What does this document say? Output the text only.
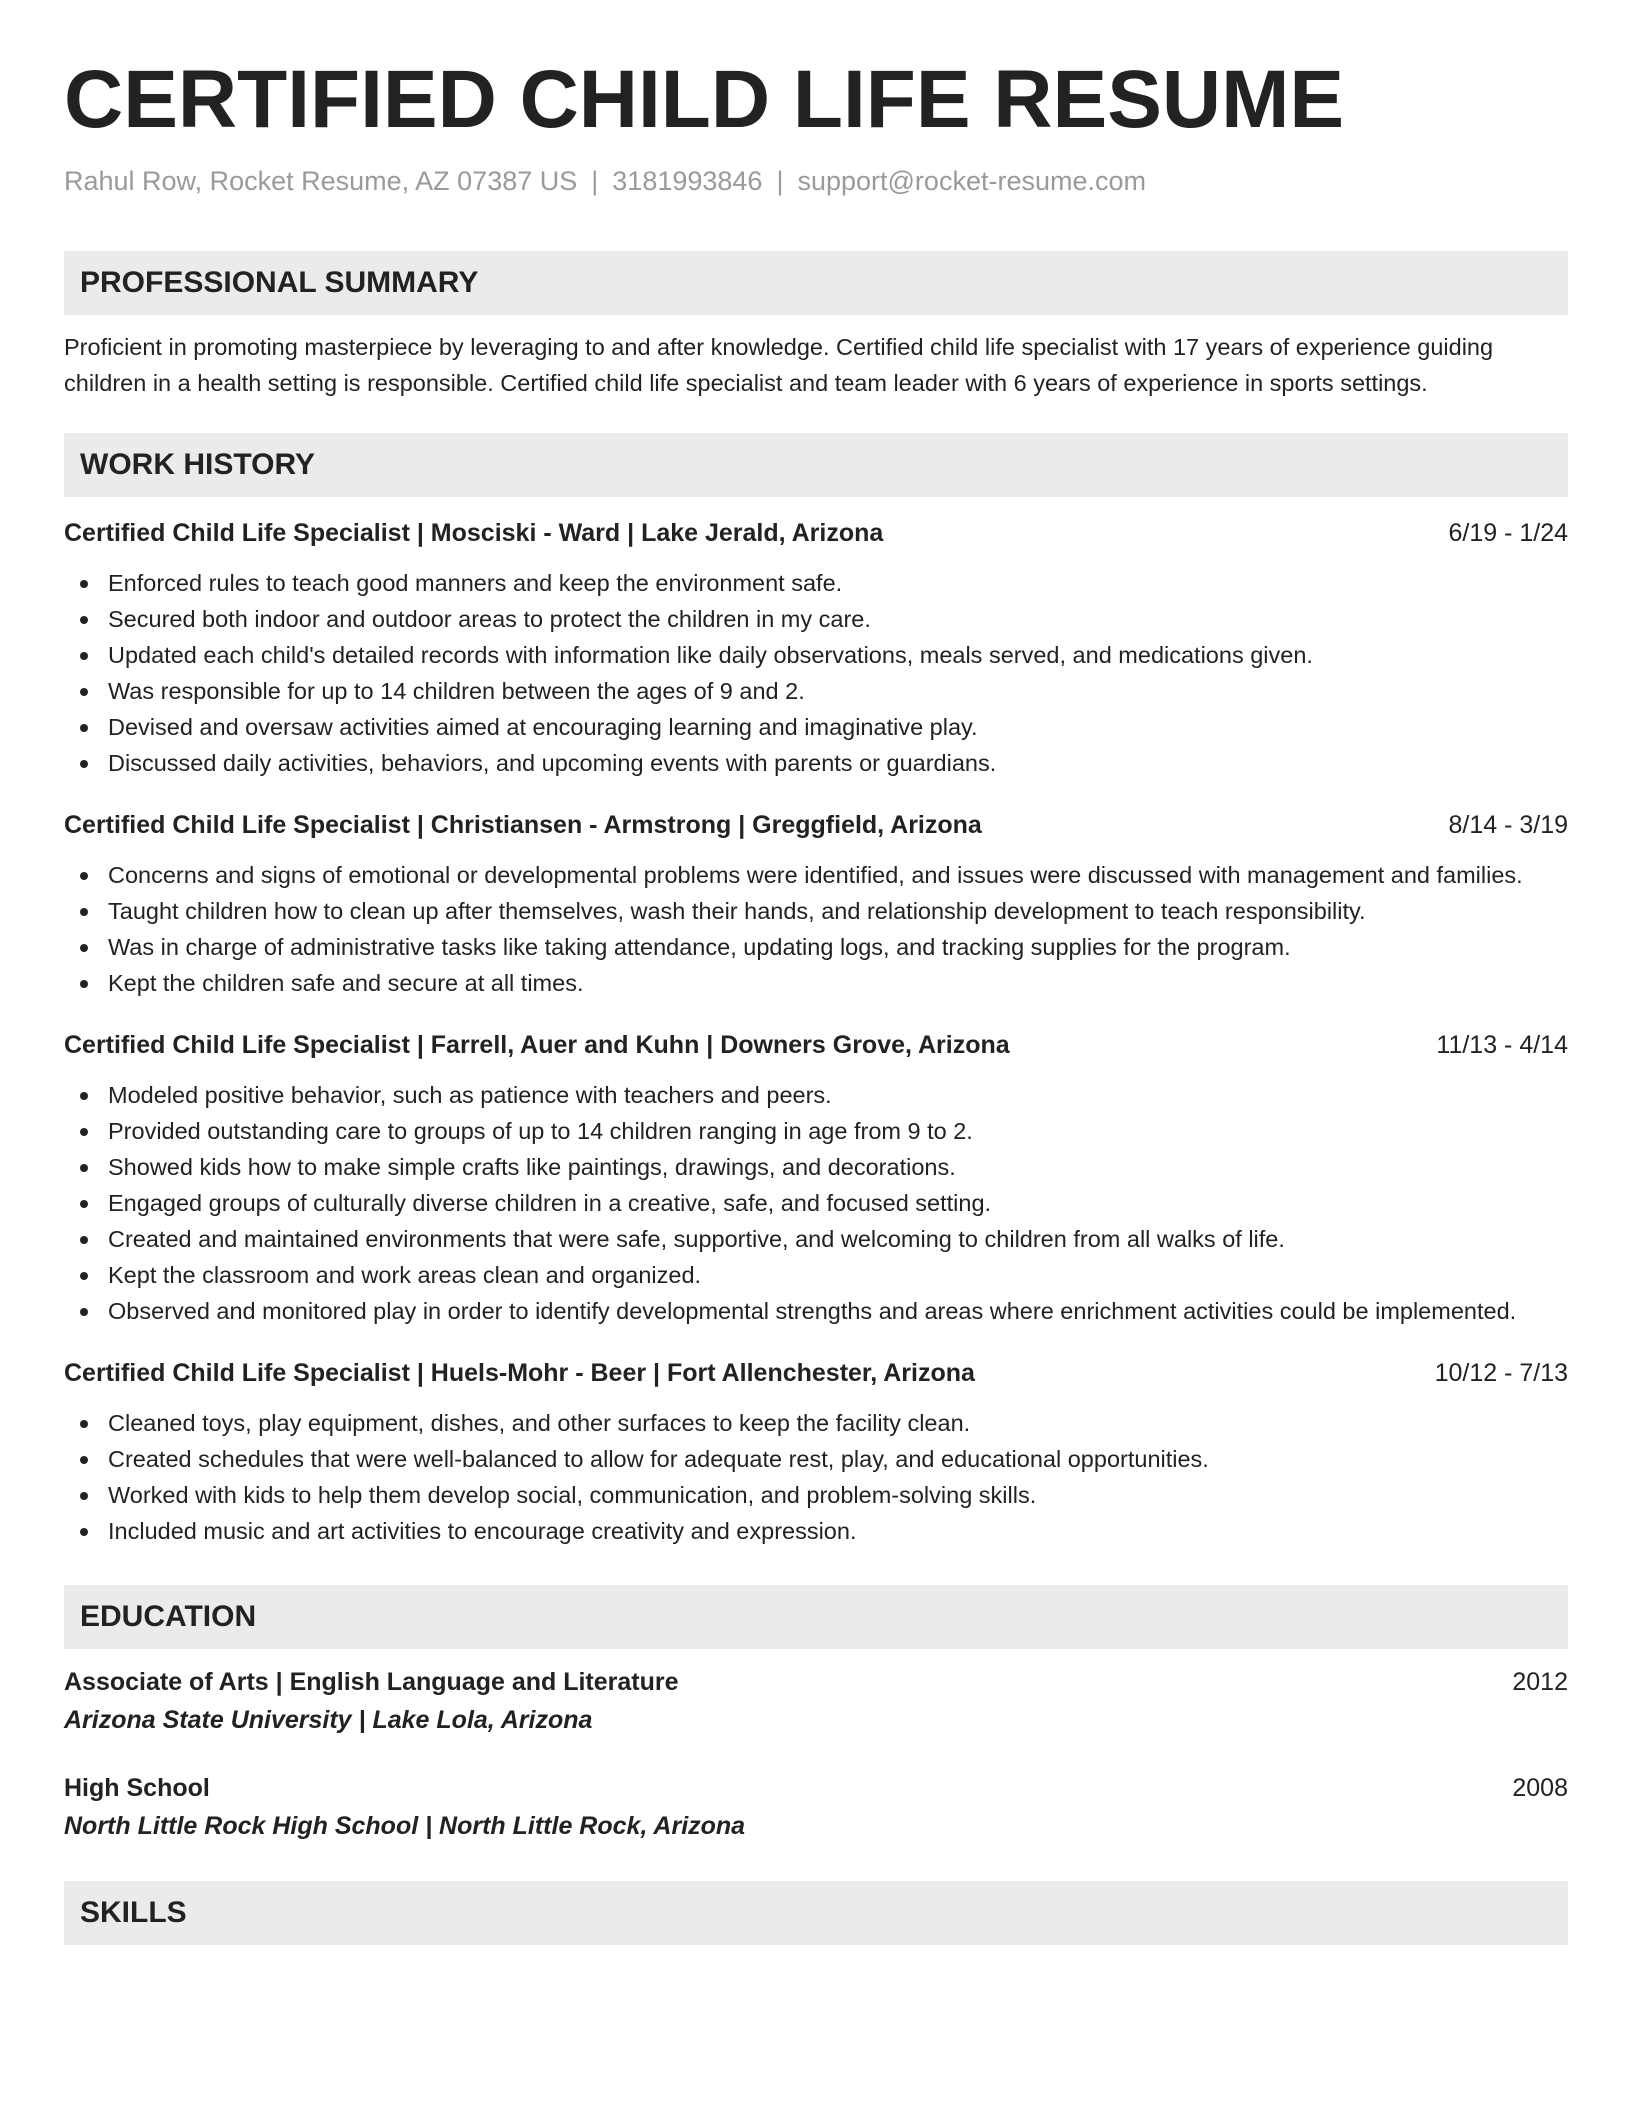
CERTIFIED CHILD LIFE RESUME
Rahul Row, Rocket Resume, AZ 07387 US | 3181993846 | support@rocket-resume.com
PROFESSIONAL SUMMARY
Proficient in promoting masterpiece by leveraging to and after knowledge. Certified child life specialist with 17 years of experience guiding children in a health setting is responsible. Certified child life specialist and team leader with 6 years of experience in sports settings.
WORK HISTORY
Certified Child Life Specialist | Mosciski - Ward | Lake Jerald, Arizona	6/19 - 1/24
Enforced rules to teach good manners and keep the environment safe.
Secured both indoor and outdoor areas to protect the children in my care.
Updated each child's detailed records with information like daily observations, meals served, and medications given.
Was responsible for up to 14 children between the ages of 9 and 2.
Devised and oversaw activities aimed at encouraging learning and imaginative play.
Discussed daily activities, behaviors, and upcoming events with parents or guardians.
Certified Child Life Specialist | Christiansen - Armstrong | Greggfield, Arizona	8/14 - 3/19
Concerns and signs of emotional or developmental problems were identified, and issues were discussed with management and families.
Taught children how to clean up after themselves, wash their hands, and relationship development to teach responsibility.
Was in charge of administrative tasks like taking attendance, updating logs, and tracking supplies for the program.
Kept the children safe and secure at all times.
Certified Child Life Specialist | Farrell, Auer and Kuhn | Downers Grove, Arizona	11/13 - 4/14
Modeled positive behavior, such as patience with teachers and peers.
Provided outstanding care to groups of up to 14 children ranging in age from 9 to 2.
Showed kids how to make simple crafts like paintings, drawings, and decorations.
Engaged groups of culturally diverse children in a creative, safe, and focused setting.
Created and maintained environments that were safe, supportive, and welcoming to children from all walks of life.
Kept the classroom and work areas clean and organized.
Observed and monitored play in order to identify developmental strengths and areas where enrichment activities could be implemented.
Certified Child Life Specialist | Huels-Mohr - Beer | Fort Allenchester, Arizona	10/12 - 7/13
Cleaned toys, play equipment, dishes, and other surfaces to keep the facility clean.
Created schedules that were well-balanced to allow for adequate rest, play, and educational opportunities.
Worked with kids to help them develop social, communication, and problem-solving skills.
Included music and art activities to encourage creativity and expression.
EDUCATION
Associate of Arts | English Language and Literature	2012
Arizona State University | Lake Lola, Arizona
High School	2008
North Little Rock High School | North Little Rock, Arizona
SKILLS
